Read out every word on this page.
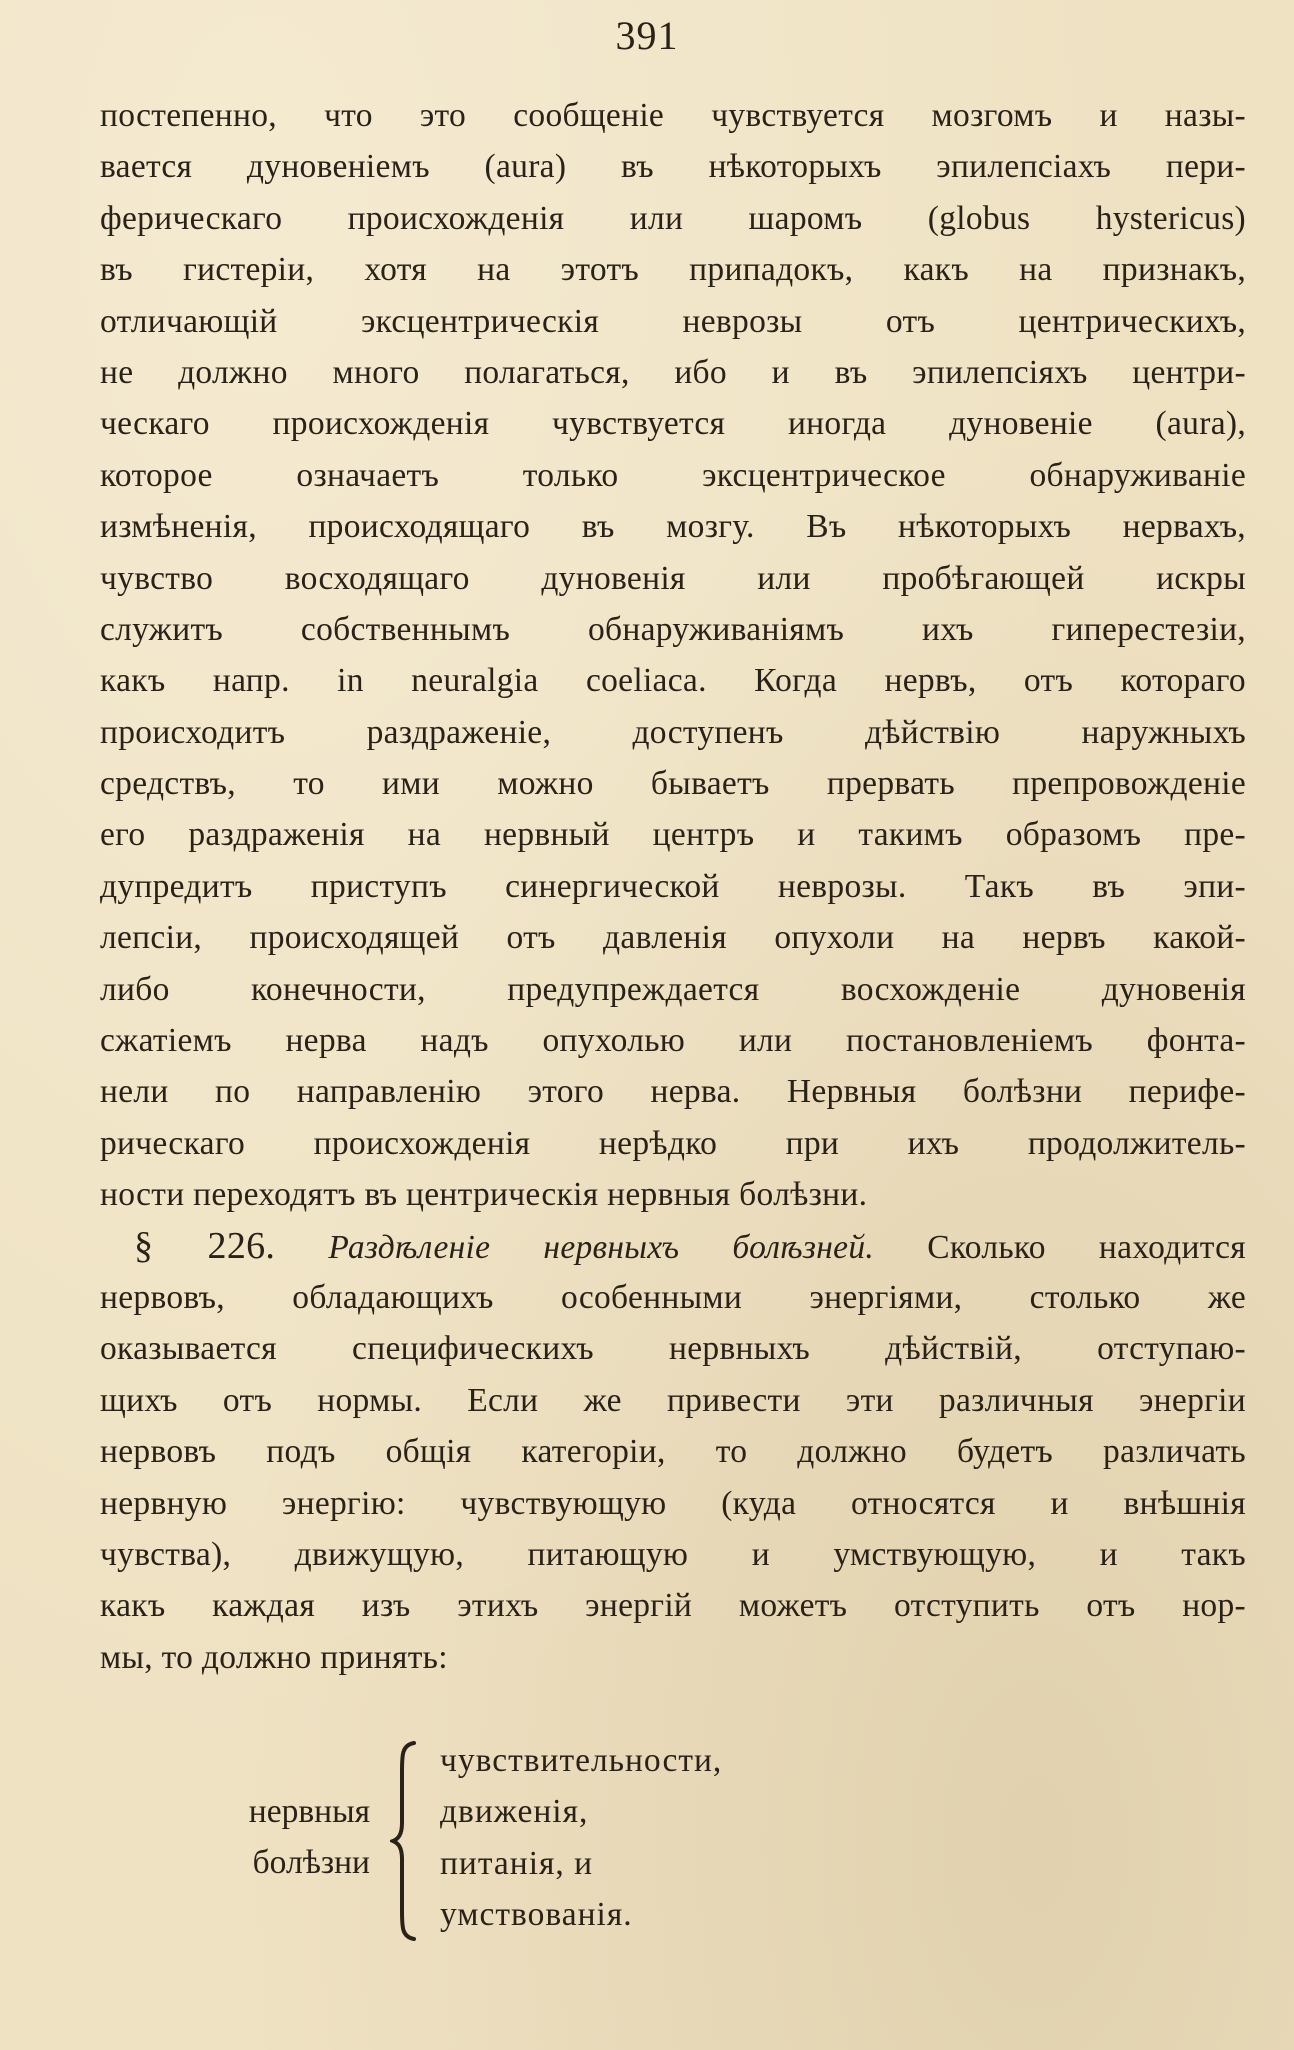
391
постепенно, что это сообщеніе чувствуется мозгомъ и назы-
вается дуновеніемъ (aura) въ нѣкоторыхъ эпилепсіахъ пери-
ферическаго происхожденія или шаромъ (globus hystericus)
въ гистеріи, хотя на этотъ припадокъ, какъ на признакъ,
отличающій эксцентрическія неврозы отъ центрическихъ,
не должно много полагаться, ибо и въ эпилепсіяхъ центри-
ческаго происхожденія чувствуется иногда дуновеніе (aura),
которое означаетъ только эксцентрическое обнаруживаніе
измѣненія, происходящаго въ мозгу. Въ нѣкоторыхъ нервахъ,
чувство восходящаго дуновенія или пробѣгающей искры
служитъ собственнымъ обнаруживаніямъ ихъ гиперестезіи,
какъ напр. in neuralgia coeliaca. Когда нервъ, отъ котораго
происходитъ раздраженіе, доступенъ дѣйствію наружныхъ
средствъ, то ими можно бываетъ прервать препровожденіе
его раздраженія на нервный центръ и такимъ образомъ пре-
дупредитъ приступъ синергической неврозы. Такъ въ эпи-
лепсіи, происходящей отъ давленія опухоли на нервъ какой-
либо конечности, предупреждается восхожденіе дуновенія
сжатіемъ нерва надъ опухолью или постановленіемъ фонта-
нели по направленію этого нерва. Нервныя болѣзни перифе-
рическаго происхожденія нерѣдко при ихъ продолжитель-
ности переходятъ въ центрическія нервныя болѣзни.
§ 226. Раздѣленіе нервныхъ болѣзней. Сколько находится
нервовъ, обладающихъ особенными энергіями, столько же
оказывается специфическихъ нервныхъ дѣйствій, отступаю-
щихъ отъ нормы. Если же привести эти различныя энергіи
нервовъ подъ общія категоріи, то должно будетъ различать
нервную энергію: чувствующую (куда относятся и внѣшнія
чувства), движущую, питающую и умствующую, и такъ
какъ каждая изъ этихъ энергій можетъ отступить отъ нор-
мы, то должно принять:
нервныя
болѣзни
чувствительности,
движенія,
питанія, и
умствованія.
